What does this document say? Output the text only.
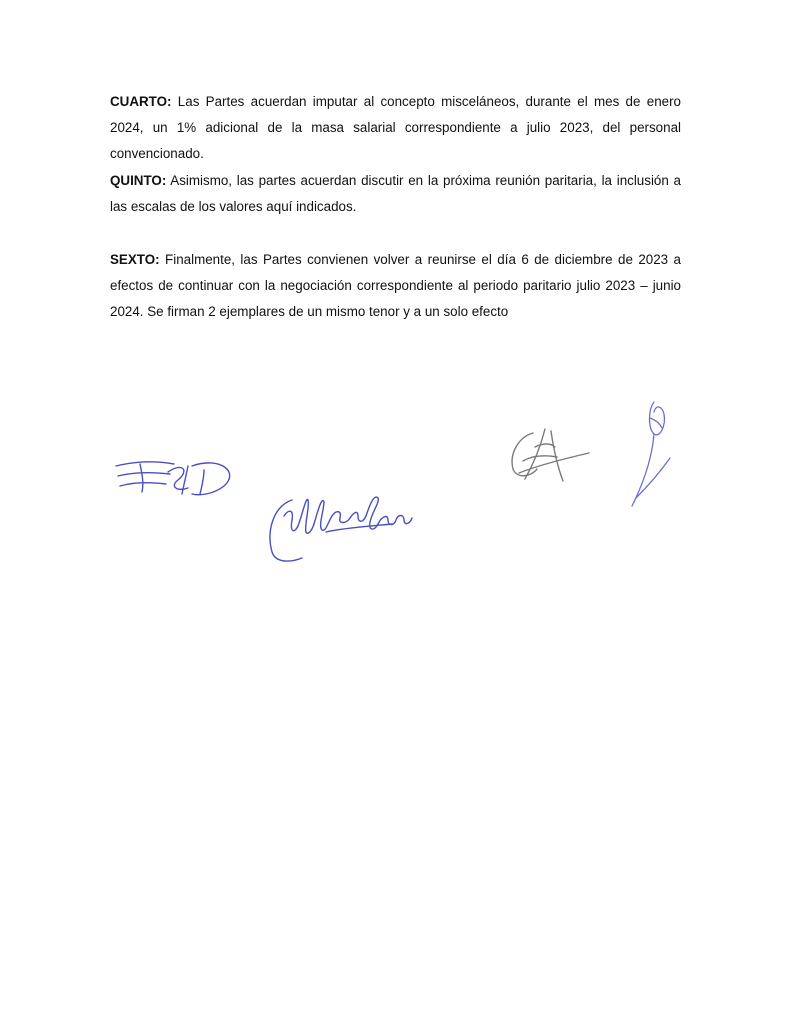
CUARTO: Las Partes acuerdan imputar al concepto misceláneos, durante el mes de enero 2024, un 1% adicional de la masa salarial correspondiente a julio 2023, del personal convencionado.

QUINTO: Asimismo, las partes acuerdan discutir en la próxima reunión paritaria, la inclusión a las escalas de los valores aquí indicados.

SEXTO: Finalmente, las Partes convienen volver a reunirse el día 6 de diciembre de 2023 a efectos de continuar con la negociación correspondiente al periodo paritario julio 2023 – junio 2024. Se firman 2 ejemplares de un mismo tenor y a un solo efecto
